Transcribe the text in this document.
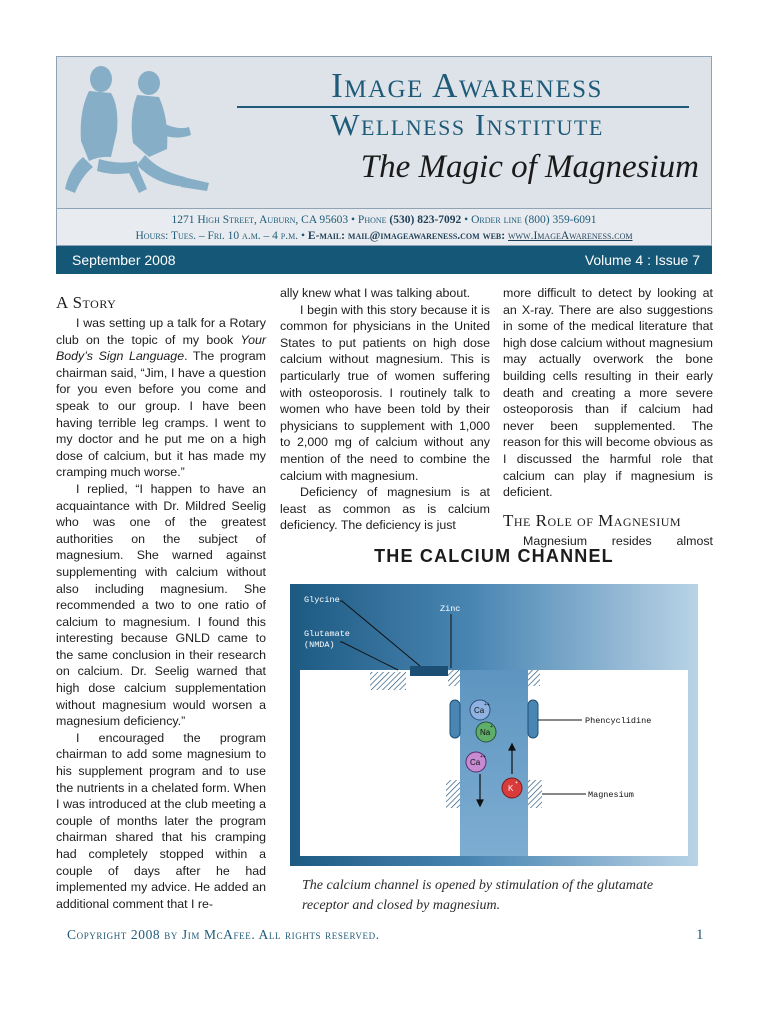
Image Awareness
Wellness Institute
The Magic of Magnesium
1271 High Street, Auburn, CA 95603 • Phone (530) 823-7092 • Order line (800) 359-6091
Hours: Tues. – Fri. 10 a.m. – 4 p.m. • E-mail: mail@imageawareness.com web: www.ImageAwareness.com
September 2008	Volume 4 : Issue 7
A Story

I was setting up a talk for a Rotary club on the topic of my book Your Body’s Sign Language. The program chairman said, “Jim, I have a question for you even before you come and speak to our group. I have been having terrible leg cramps. I went to my doctor and he put me on a high dose of calcium, but it has made my cramping much worse.”

I replied, “I happen to have an acquaintance with Dr. Mildred Seelig who was one of the greatest authorities on the subject of magnesium. She warned against supplementing with calcium without also including magnesium. She recommended a two to one ratio of calcium to magnesium. I found this interesting because GNLD came to the same conclusion in their research on calcium. Dr. Seelig warned that high dose calcium supplementation without magnesium would worsen a magnesium deficiency.”

I encouraged the program chairman to add some magnesium to his supplement program and to use the nutrients in a chelated form. When I was introduced at the club meeting a couple of months later the program chairman shared that his cramping had completely stopped within a couple of days after he had implemented my advice. He added an additional comment that I re-

ally knew what I was talking about.

I begin with this story because it is common for physicians in the United States to put patients on high dose calcium without magnesium. This is particularly true of women suffering with osteoporosis. I routinely talk to women who have been told by their physicians to supplement with 1,000 to 2,000 mg of calcium without any mention of the need to combine the calcium with magnesium.

Deficiency of magnesium is at least as common as is calcium deficiency. The deficiency is just

more difficult to detect by looking at an X-ray. There are also suggestions in some of the medical literature that high dose calcium without magnesium may actually overwork the bone building cells resulting in their early death and creating a more severe osteoporosis than if calcium had never been supplemented. The reason for this will become obvious as I discussed the harmful role that calcium can play if magnesium is deficient.

The Role of Magnesium

Magnesium resides almost

THE CALCIUM CHANNEL
Ca
++
Na
+
Ca
++
K
+
Glycine
Zinc
Glutamate
(NMDA)
Phencyclidine
Magnesium
The calcium channel is opened by stimulation of the glutamate receptor and closed by magnesium.
Copyright 2008 by Jim McAfee. All rights reserved.	1
